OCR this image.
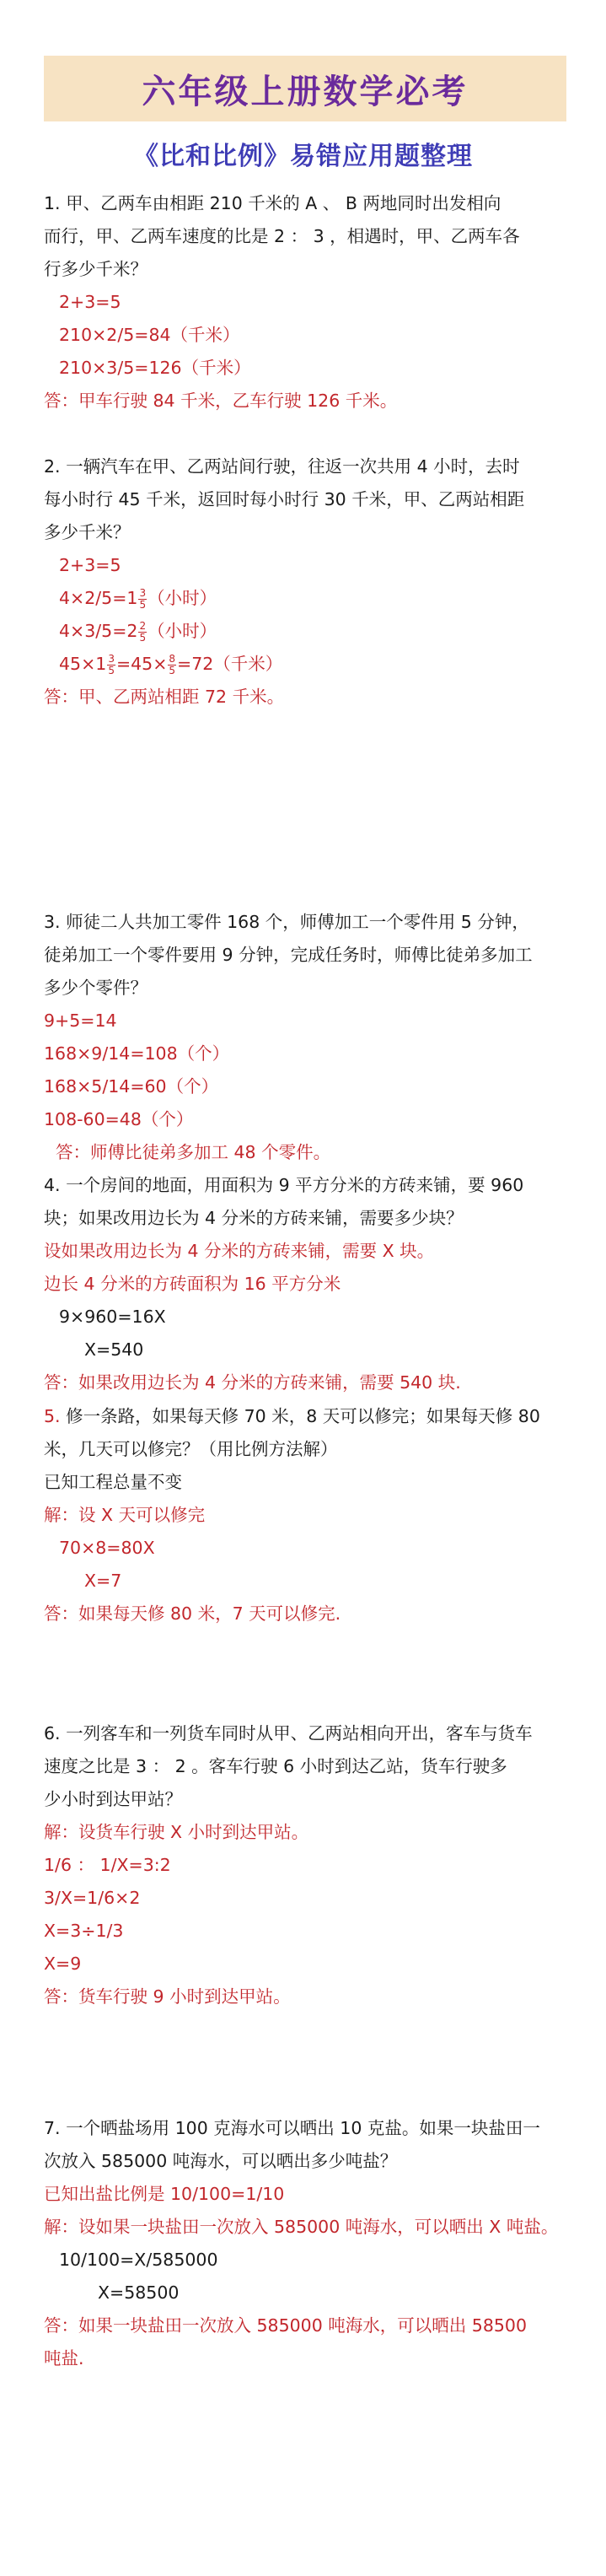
六年级上册数学必考
《比和比例》易错应用题整理

1. 甲、乙两车由相距 210 千米的 A 、 B 两地同时出发相向

而行，甲、乙两车速度的比是 2 ： 3 ，相遇时，甲、乙两车各

行多少千米？

2+3=5

210×2/5=84（千米）

210×3/5=126（千米）

答：甲车行驶 84 千米，乙车行驶 126 千米。

2. 一辆汽车在甲、乙两站间行驶，往返一次共用 4 小时，去时

每小时行 45 千米，返回时每小时行 30 千米，甲、乙两站相距

多少千米？

2+3=5

$4\times 2/5=1 \frac{3}{5}$ （小时）

$4\times 3/5=2 \frac{2}{5}$ （小时）

$45\times 1 \frac{3}{5} =45\times \frac{8}{5} =72$（千米）

答：甲、乙两站相距 72 千米。

3. 师徒二人共加工零件 168 个，师傅加工一个零件用 5 分钟，

徒弟加工一个零件要用 9 分钟，完成任务时，师傅比徒弟多加工

多少个零件？

9+5=14

168×9/14=108（个）

168×5/14=60（个）

108-60=48（个）

答：师傅比徒弟多加工 48 个零件。

4. 一个房间的地面，用面积为 9 平方分米的方砖来铺，要 960

块；如果改用边长为 4 分米的方砖来铺，需要多少块？

设如果改用边长为 4 分米的方砖来铺，需要 X 块。

边长 4 分米的方砖面积为 16 平方分米

9×960=16X

X=540

答：如果改用边长为 4 分米的方砖来铺，需要 540 块.

5. 修一条路，如果每天修 70 米，8 天可以修完；如果每天修 80

米，几天可以修完？（用比例方法解）

已知工程总量不变

解：设 X 天可以修完

70×8=80X

X=7

答：如果每天修 80 米，7 天可以修完.

6. 一列客车和一列货车同时从甲、乙两站相向开出，客车与货车

速度之比是 3 ： 2 。客车行驶 6 小时到达乙站，货车行驶多

少小时到达甲站？

解：设货车行驶 X 小时到达甲站。

1/6 ： 1/X=3:2

3/X=1/6×2

X=3÷1/3

X=9

答：货车行驶 9 小时到达甲站。

7. 一个晒盐场用 100 克海水可以晒出 10 克盐。如果一块盐田一

次放入 585000 吨海水，可以晒出多少吨盐？

已知出盐比例是 10/100=1/10

解：设如果一块盐田一次放入 585000 吨海水，可以晒出 X 吨盐。

10/100=X/585000

X=58500

答：如果一块盐田一次放入 585000 吨海水，可以晒出 58500

吨盐.
